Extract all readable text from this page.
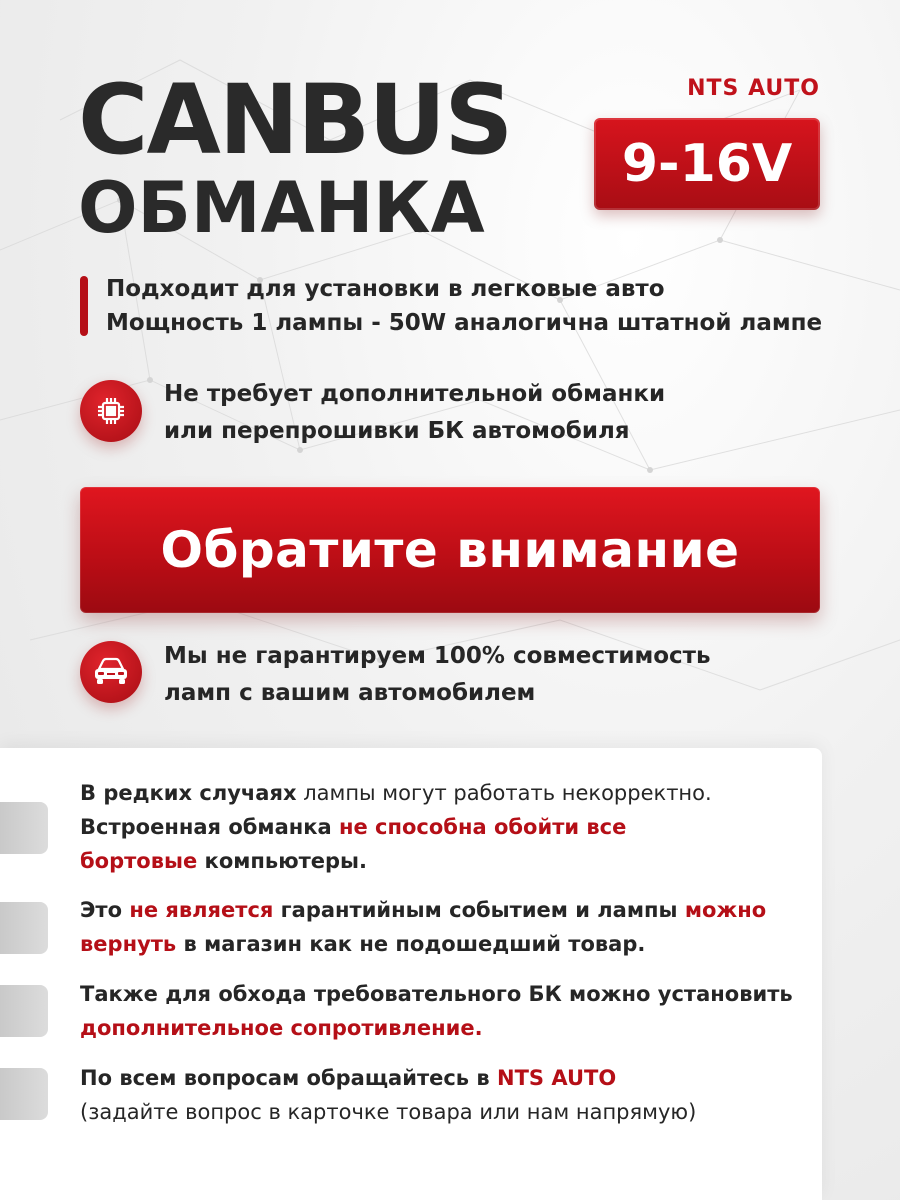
CANBUS
ОБМАНКА
NTS AUTO
9-16V
Подходит для установки в легковые авто
Мощность 1 лампы - 50W аналогична штатной лампе
Не требует дополнительной обманки
или перепрошивки БК автомобиля
Обратите внимание
Мы не гарантируем 100% совместимость
ламп с вашим автомобилем
В редких случаях лампы могут работать некорректно.
Встроенная обманка не способна обойти все
бортовые компьютеры.
Это не является гарантийным событием и лампы можно
вернуть в магазин как не подошедший товар.
Также для обхода требовательного БК можно установить
дополнительное сопротивление.
По всем вопросам обращайтесь в NTS AUTO
(задайте вопрос в карточке товара или нам напрямую)
